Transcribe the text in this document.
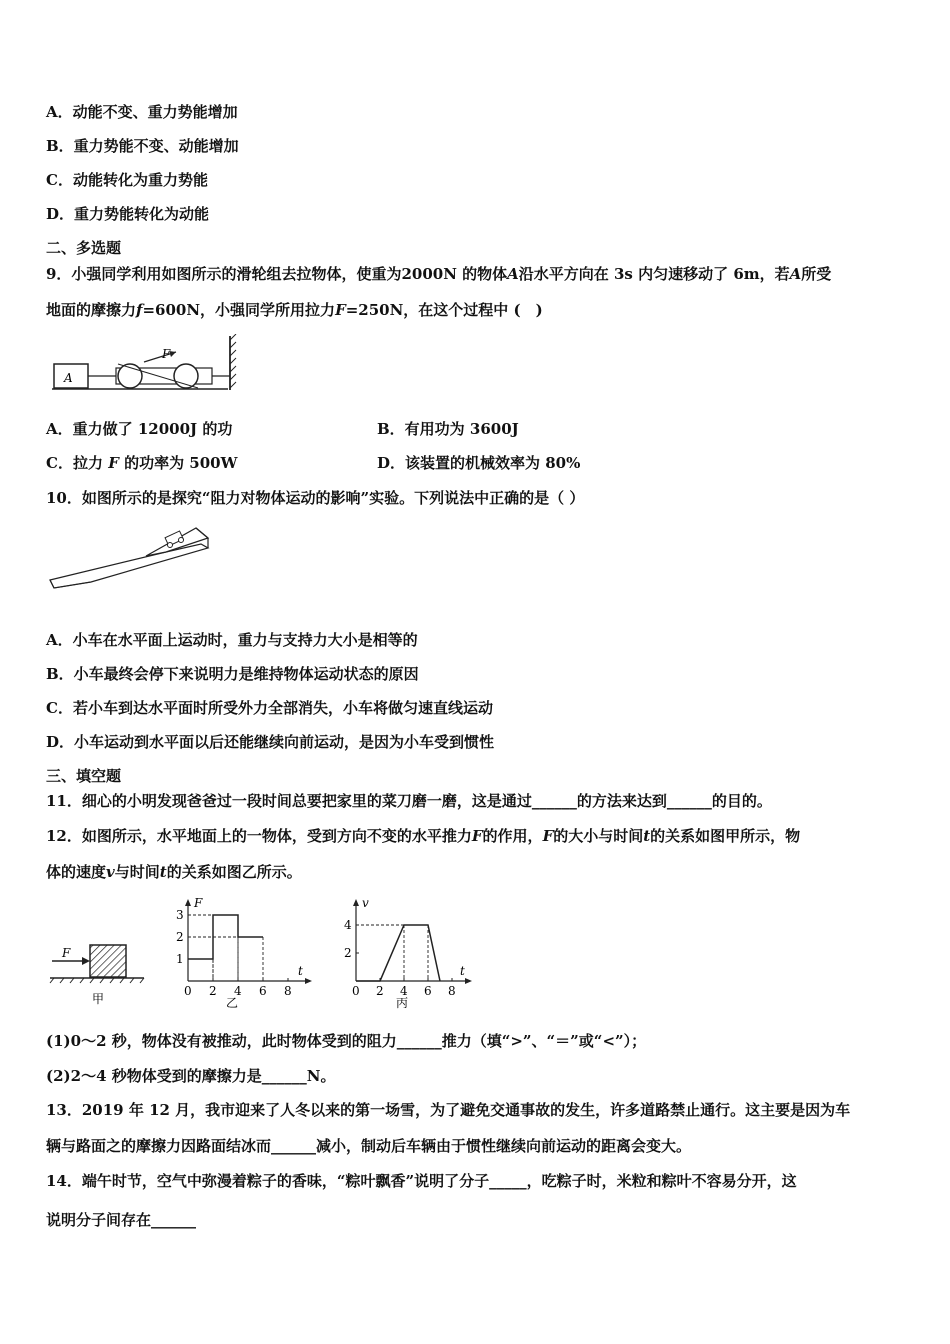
A．动能不变、重力势能增加
B．重力势能不变、动能增加
C．动能转化为重力势能
D．重力势能转化为动能
二、多选题
9．小强同学利用如图所示的滑轮组去拉物体，使重为2000N 的物体A沿水平方向在 3s 内匀速移动了 6m，若A所受
地面的摩擦力f=600N，小强同学所用拉力F=250N，在这个过程中 (　)
A
F
A．重力做了 12000J 的功	B．有用功为 3600J
C．拉力 F 的功率为 500W	D．该装置的机械效率为 80%
10．如图所示的是探究“阻力对物体运动的影响”实验。下列说法中正确的是（ ）
A．小车在水平面上运动时，重力与支持力大小是相等的
B．小车最终会停下来说明力是维持物体运动状态的原因
C．若小车到达水平面时所受外力全部消失，小车将做匀速直线运动
D．小车运动到水平面以后还能继续向前运动，是因为小车受到惯性
三、填空题
11．细心的小明发现爸爸过一段时间总要把家里的菜刀磨一磨，这是通过______的方法来达到______的目的。
12．如图所示，水平地面上的一物体，受到方向不变的水平推力F的作用，F的大小与时间t的关系如图甲所示，物
体的速度v与时间t的关系如图乙所示。
F
甲
F
t
0 2 4 6 8
1
2
3
乙
v
t
0 2 4 6 8
2
4
丙
(1)0～2 秒，物体没有被推动，此时物体受到的阻力______推力（填“>”、“＝”或“<”）；
(2)2～4 秒物体受到的摩擦力是______N。
13．2019 年 12 月，我市迎来了人冬以来的第一场雪，为了避免交通事故的发生，许多道路禁止通行。这主要是因为车
辆与路面之的摩擦力因路面结冰而______减小，制动后车辆由于惯性继续向前运动的距离会变大。
14．端午时节，空气中弥漫着粽子的香味，“粽叶飘香”说明了分子_____，吃粽子时，米粒和粽叶不容易分开，这
说明分子间存在______
